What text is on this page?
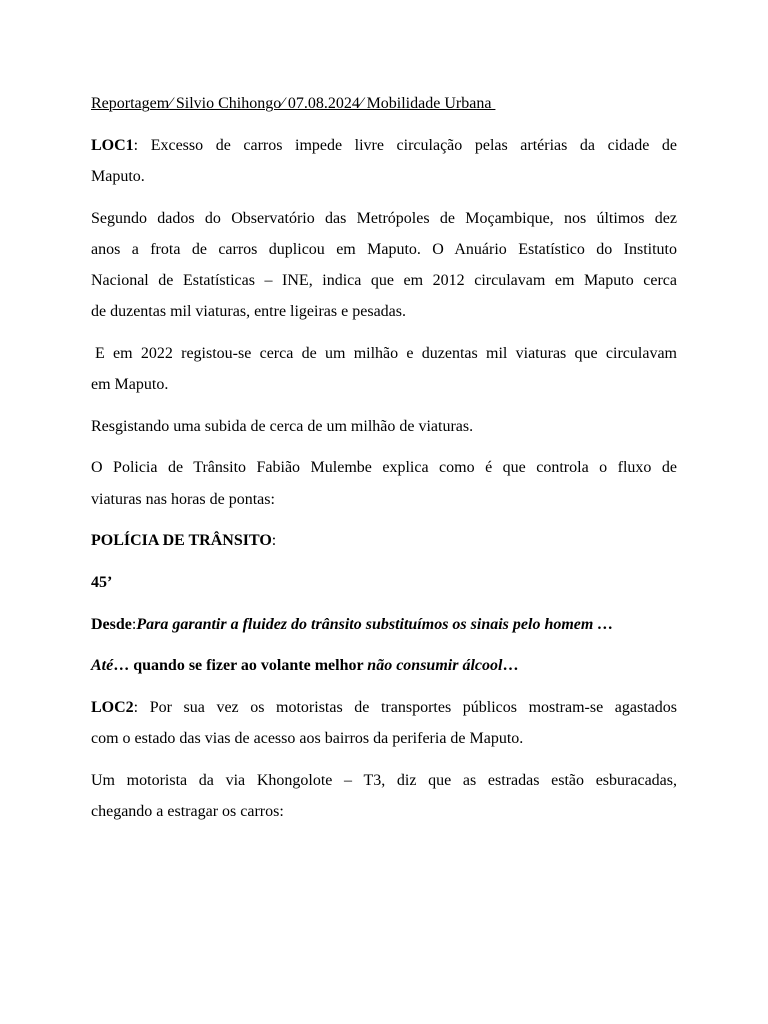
Reportagem⁄ Silvio Chihongo⁄ 07.08.2024⁄ Mobilidade Urbana
LOC1: Excesso de carros impede livre circulação pelas artérias da cidade de
Maputo.
Segundo dados do Observatório das Metrópoles de Moçambique, nos últimos dez
anos a frota de carros duplicou em Maputo. O Anuário Estatístico do Instituto
Nacional de Estatísticas – INE, indica que em 2012 circulavam em Maputo cerca
de duzentas mil viaturas, entre ligeiras e pesadas.
E em 2022 registou-se cerca de um milhão e duzentas mil viaturas que circulavam
em Maputo.
Resgistando uma subida de cerca de um milhão de viaturas.
O Policia de Trânsito Fabião Mulembe explica como é que controla o fluxo de
viaturas nas horas de pontas:
POLÍCIA DE TRÂNSITO:
45’
Desde:Para garantir a fluidez do trânsito substituímos os sinais pelo homem …
Até… quando se fizer ao volante melhor não consumir álcool…
LOC2: Por sua vez os motoristas de transportes públicos mostram-se agastados
com o estado das vias de acesso aos bairros da periferia de Maputo.
Um motorista da via Khongolote – T3, diz que as estradas estão esburacadas,
chegando a estragar os carros:
